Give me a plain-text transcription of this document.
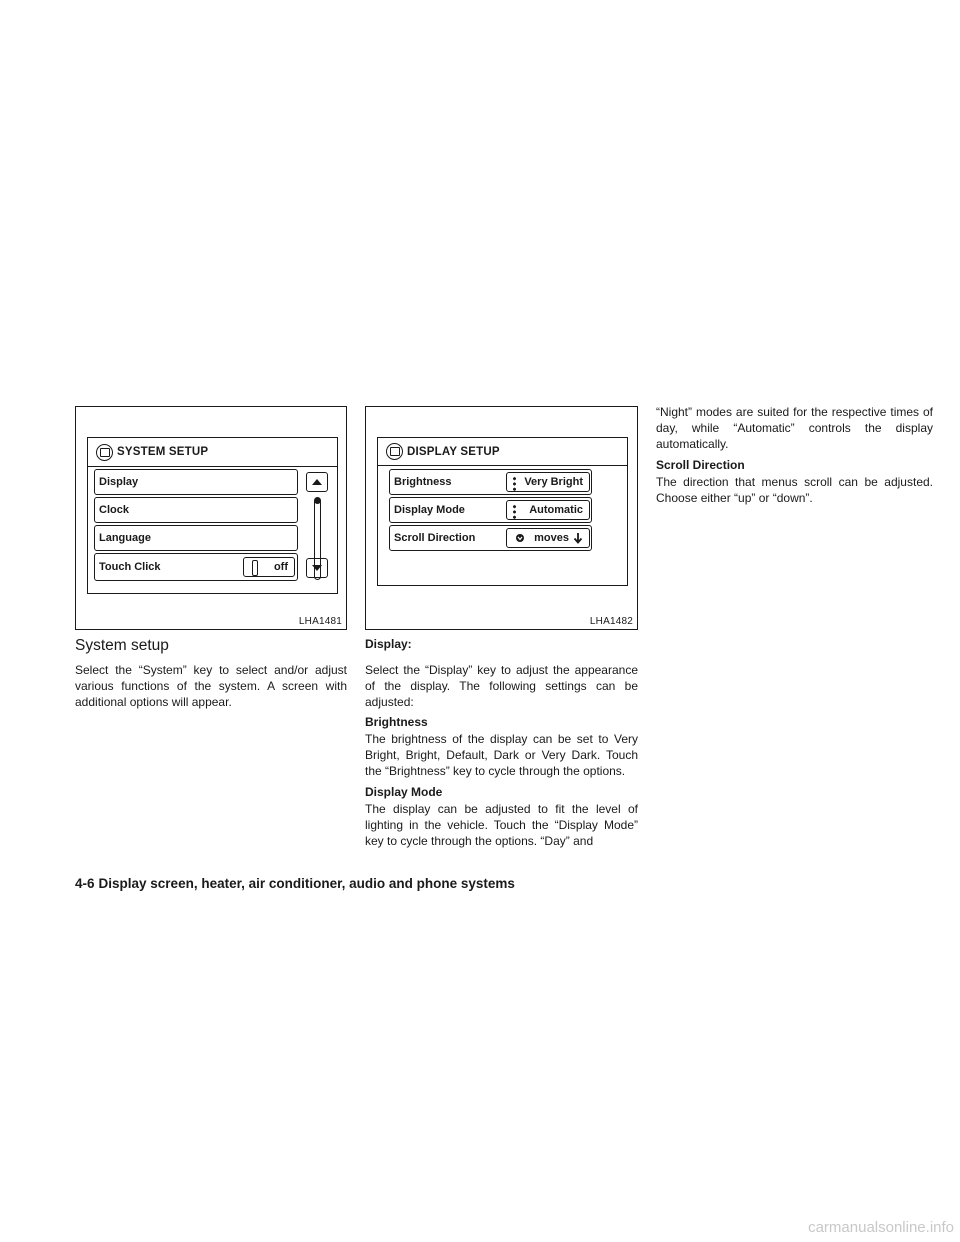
SYSTEM SETUP
Display
Clock
Language
Touch Click	off
LHA1481
DISPLAY SETUP
Brightness	Very Bright
Display Mode	Automatic
Scroll Direction	moves
LHA1482
System setup

Select the “System” key to select and/or adjust various functions of the system. A screen with additional options will appear.

Display:

Select the “Display” key to adjust the appearance of the display. The following settings can be adjusted:

Brightness

The brightness of the display can be set to Very Bright, Bright, Default, Dark or Very Dark. Touch the “Brightness” key to cycle through the options.

Display Mode

The display can be adjusted to fit the level of lighting in the vehicle. Touch the “Display Mode” key to cycle through the options. “Day” and

“Night” modes are suited for the respective times of day, while “Automatic” controls the display automatically.

Scroll Direction

The direction that menus scroll can be adjusted. Choose either “up” or “down”.

4-6 Display screen, heater, air conditioner, audio and phone systems
carmanualsonline.info
